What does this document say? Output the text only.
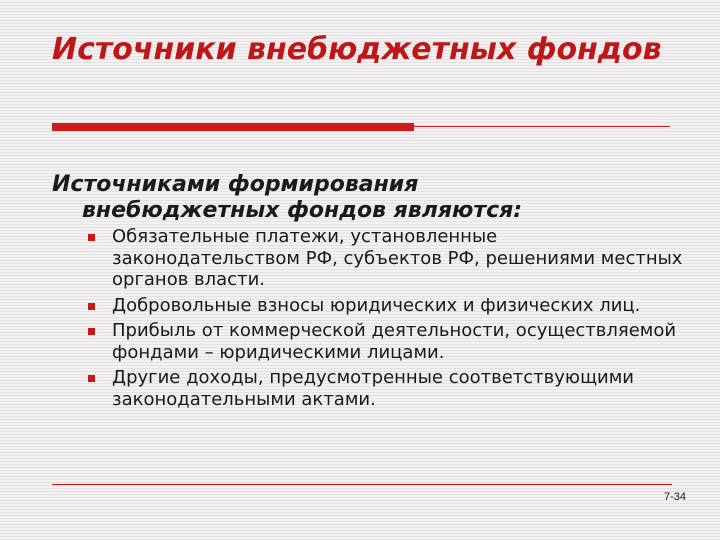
Источники внебюджетных фондов
Источниками формирования
внебюджетных фондов являются:
Обязательные платежи, установленные законодательством РФ, субъектов РФ, решениями местных органов власти.
Добровольные взносы юридических и физических лиц.
Прибыль от коммерческой деятельности, осуществляемой фондами – юридическими лицами.
Другие доходы, предусмотренные соответствующими законодательными актами.
7-34
